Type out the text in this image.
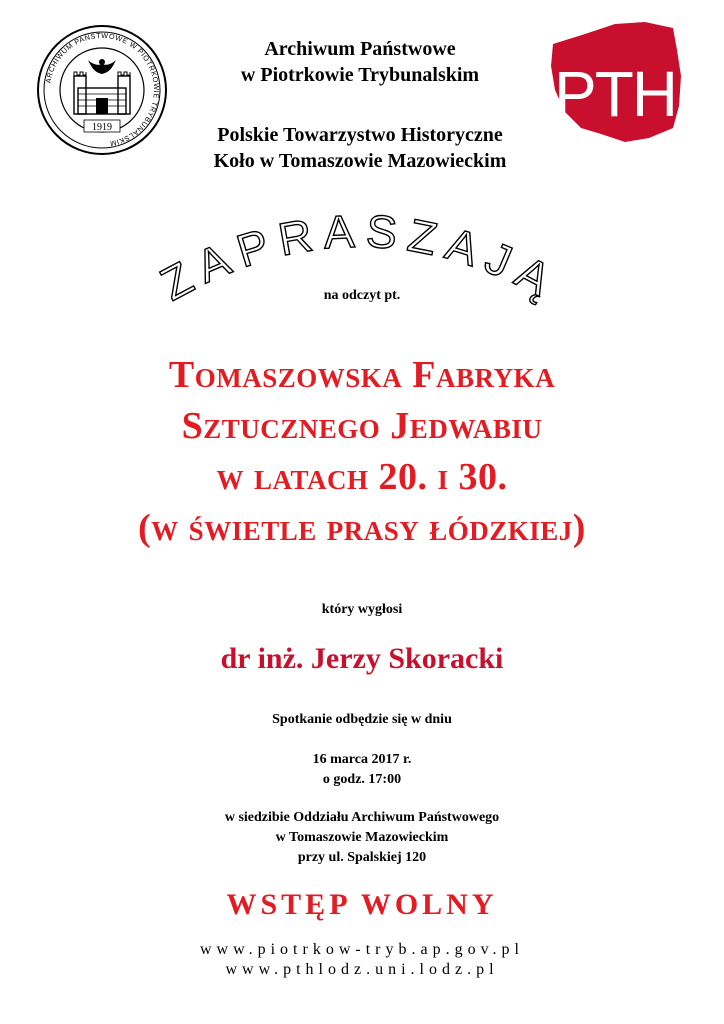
ARCHIWUM PAŃSTWOWE W PIOTRKOWIE TRYBUNALSKIM
1919	PTH
Archiwum Państwowe
w Piotrkowie Trybunalskim
Polskie Towarzystwo Historyczne
Koło w Tomaszowie Mazowieckim
ZAPRASZAJĄ
na odczyt pt.
Tomaszowska Fabryka
Sztucznego Jedwabiu
w latach 20. i 30.
(w świetle prasy łódzkiej)
który wygłosi
dr inż. Jerzy Skoracki
Spotkanie odbędzie się w dniu
16 marca 2017 r.
o godz. 17:00
w siedzibie Oddziału Archiwum Państwowego
w Tomaszowie Mazowieckim
przy ul. Spalskiej 120
WSTĘP WOLNY
www.piotrkow-tryb.ap.gov.pl
www.pthlodz.uni.lodz.pl
